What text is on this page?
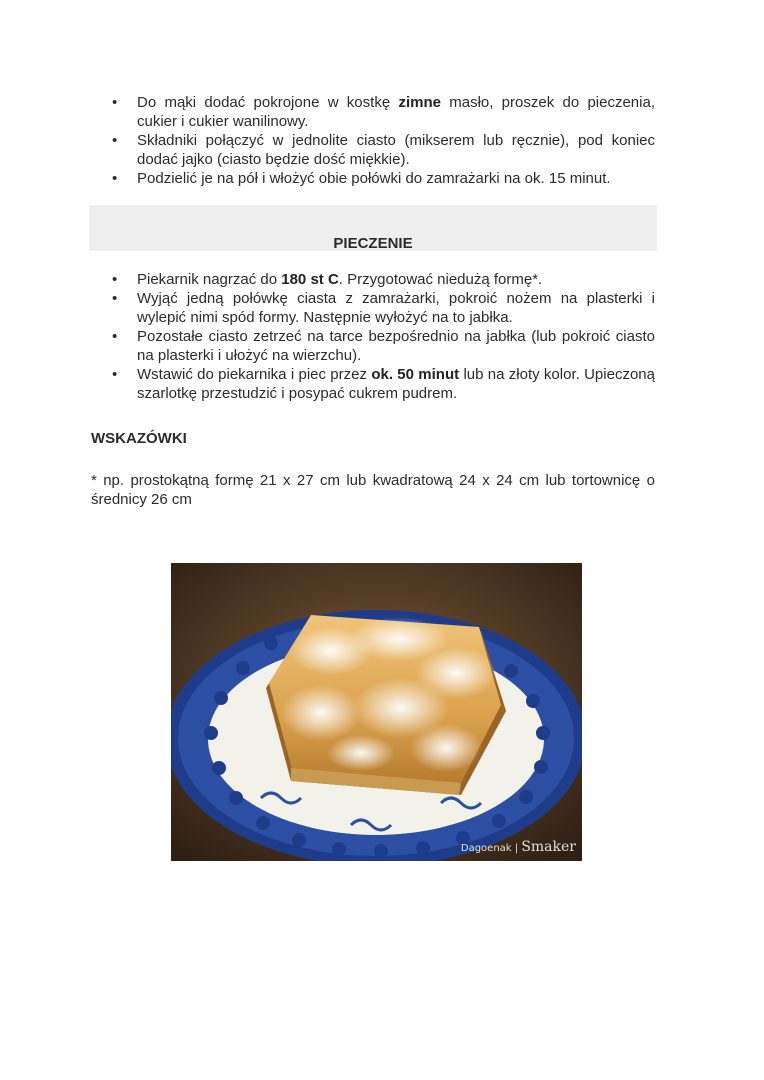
• Do mąki dodać pokrojone w kostkę zimne masło, proszek do pieczenia, cukier i cukier wanilinowy.
• Składniki połączyć w jednolite ciasto (mikserem lub ręcznie), pod koniec dodać jajko (ciasto będzie dość miękkie).
• Podzielić je na pół i włożyć obie połówki do zamrażarki na ok. 15 minut.
PIECZENIE
• Piekarnik nagrzać do 180 st C. Przygotować niedużą formę*.
• Wyjąć jedną połówkę ciasta z zamrażarki, pokroić nożem na plasterki i wylepić nimi spód formy. Następnie wyłożyć na to jabłka.
• Pozostałe ciasto zetrzeć na tarce bezpośrednio na jabłka (lub pokroić ciasto na plasterki i ułożyć na wierzchu).
• Wstawić do piekarnika i piec przez ok. 50 minut lub na złoty kolor. Upieczoną szarlotkę przestudzić i posypać cukrem pudrem.
WSKAZÓWKI
* np. prostokątną formę 21 x 27 cm lub kwadratową 24 x 24 cm lub tortownicę o średnicy 26 cm
Dagoenak | Smaker
